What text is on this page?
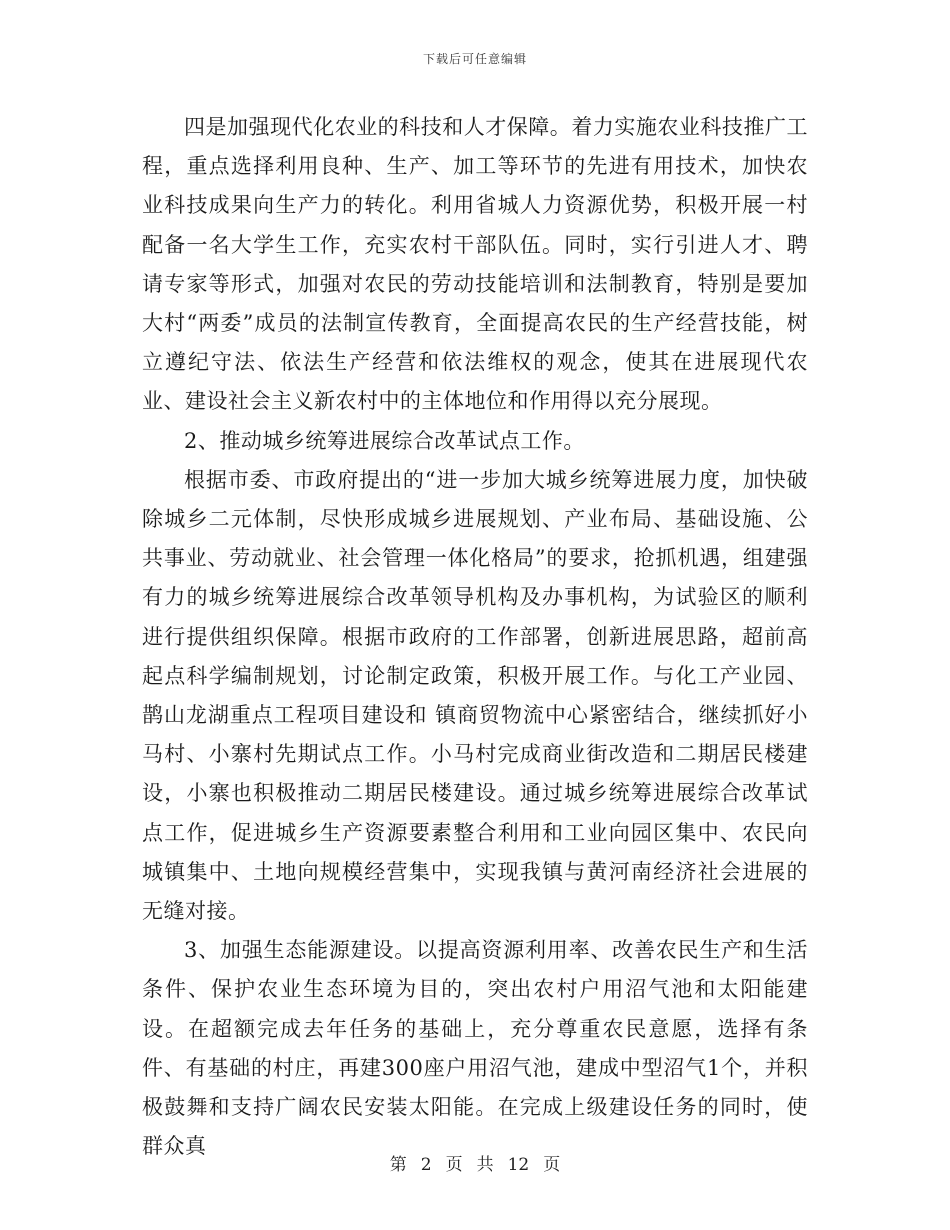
下载后可任意编辑

四是加强现代化农业的科技和人才保障。着力实施农业科技推广工程，重点选择利用良种、生产、加工等环节的先进有用技术，加快农业科技成果向生产力的转化。利用省城人力资源优势，积极开展一村配备一名大学生工作，充实农村干部队伍。同时，实行引进人才、聘请专家等形式，加强对农民的劳动技能培训和法制教育，特别是要加大村“两委”成员的法制宣传教育，全面提高农民的生产经营技能，树立遵纪守法、依法生产经营和依法维权的观念，使其在进展现代农业、建设社会主义新农村中的主体地位和作用得以充分展现。

2、推动城乡统筹进展综合改革试点工作。

根据市委、市政府提出的“进一步加大城乡统筹进展力度，加快破除城乡二元体制，尽快形成城乡进展规划、产业布局、基础设施、公共事业、劳动就业、社会管理一体化格局”的要求，抢抓机遇，组建强有力的城乡统筹进展综合改革领导机构及办事机构，为试验区的顺利进行提供组织保障。根据市政府的工作部署，创新进展思路，超前高起点科学编制规划，讨论制定政策，积极开展工作。与化工产业园、鹊山龙湖重点工程项目建设和 镇商贸物流中心紧密结合，继续抓好小马村、小寨村先期试点工作。小马村完成商业街改造和二期居民楼建设，小寨也积极推动二期居民楼建设。通过城乡统筹进展综合改革试点工作，促进城乡生产资源要素整合利用和工业向园区集中、农民向城镇集中、土地向规模经营集中，实现我镇与黄河南经济社会进展的无缝对接。

3、加强生态能源建设。以提高资源利用率、改善农民生产和生活条件、保护农业生态环境为目的，突出农村户用沼气池和太阳能建设。在超额完成去年任务的基础上，充分尊重农民意愿，选择有条件、有基础的村庄，再建300座户用沼气池，建成中型沼气1个，并积极鼓舞和支持广阔农民安装太阳能。在完成上级建设任务的同时，使群众真

第 2 页 共 12 页
